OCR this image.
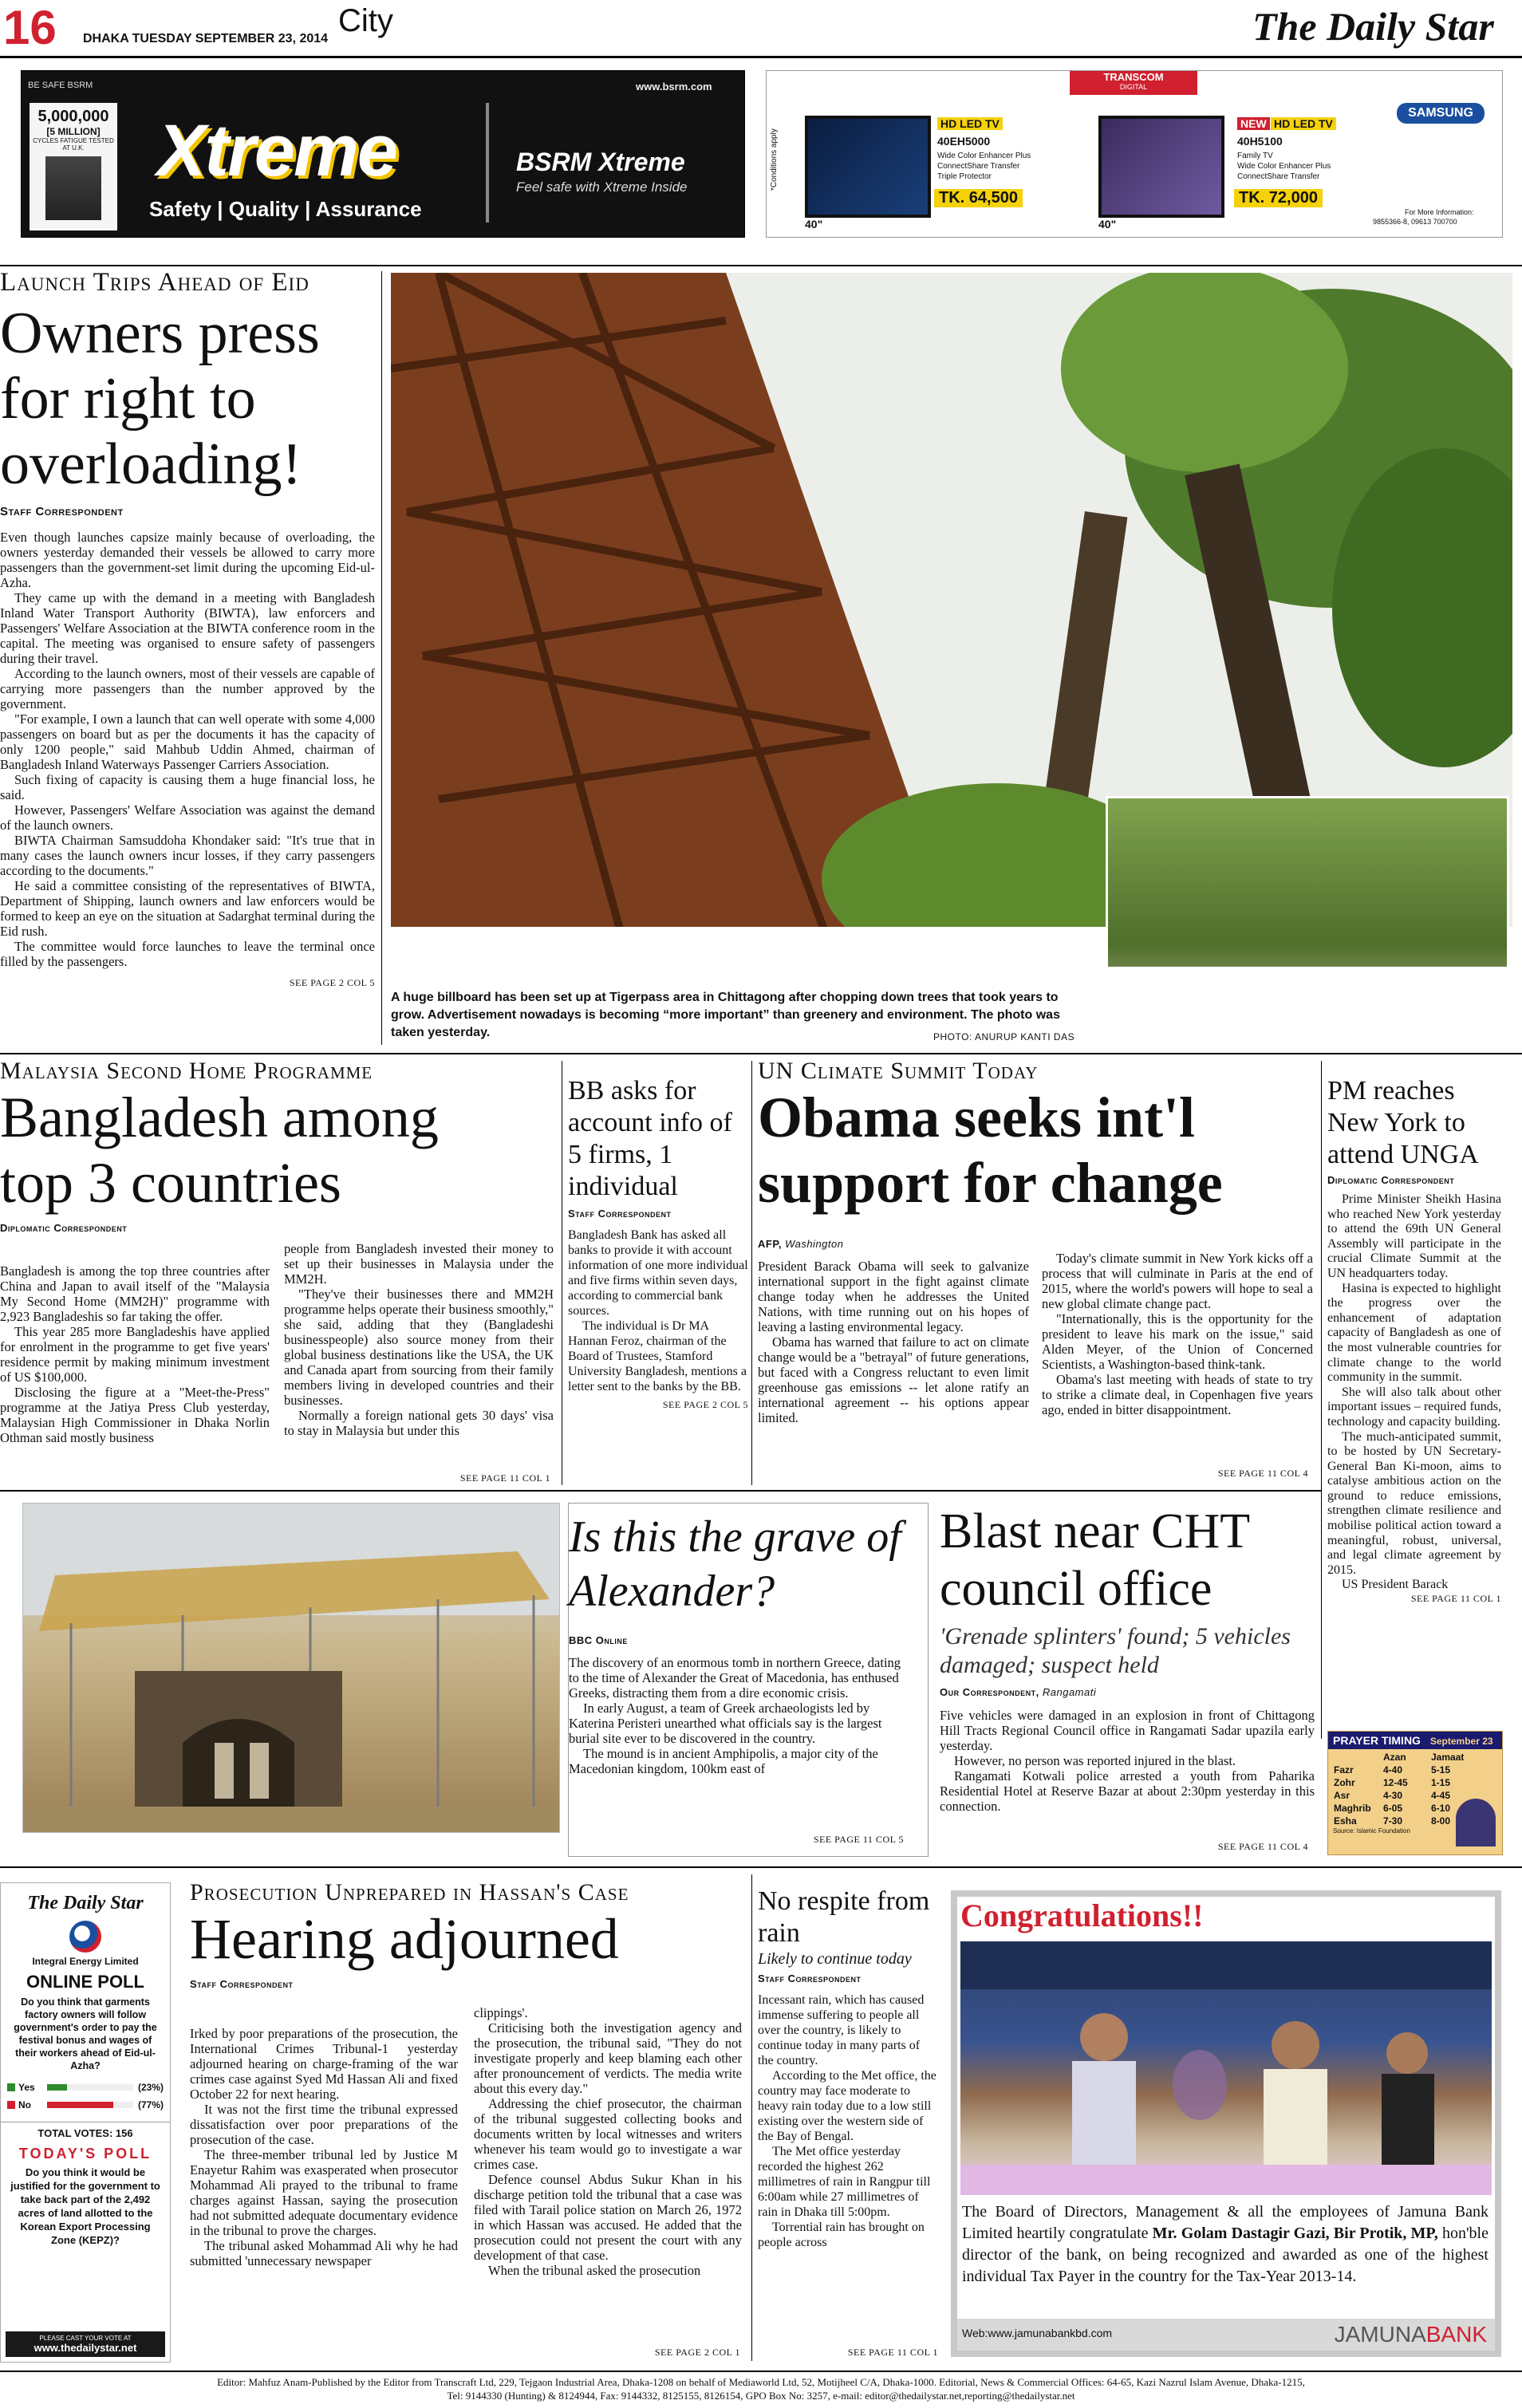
16 DHAKA TUESDAY SEPTEMBER 23, 2014
City	The Daily Star
BE SAFE BSRM	www.bsrm.com
5,000,000
[5 MILLION]
CYCLES FATIGUE TESTED AT U.K. Xtreme
Safety | Quality | Assurance
BSRM Xtreme
Feel safe with Xtreme Inside
TRANSCOM
DIGITAL
SAMSUNG
*Conditions apply
40"
HD LED TV
40EH5000
Wide Color Enhancer Plus
ConnectShare Transfer
Triple Protector
TK. 64,500
40"
NEW HD LED TV
40H5100
Family TV
Wide Color Enhancer Plus
ConnectShare Transfer
TK. 72,000
For More Information:
9855366-8, 09613 700700
Launch Trips Ahead of Eid
Owners press for right to overloading!
Staff Correspondent

Even though launches capsize mainly because of overloading, the owners yesterday demanded their vessels be allowed to carry more passengers than the government-set limit during the upcoming Eid-ul-Azha.

They came up with the demand in a meeting with Bangladesh Inland Water Transport Authority (BIWTA), law enforcers and Passengers' Welfare Association at the BIWTA conference room in the capital. The meeting was organised to ensure safety of passengers during their travel.

According to the launch owners, most of their vessels are capable of carrying more passengers than the number approved by the government.

"For example, I own a launch that can well operate with some 4,000 passengers on board but as per the documents it has the capacity of only 1200 people," said Mahbub Uddin Ahmed, chairman of Bangladesh Inland Waterways Passenger Carriers Association.

Such fixing of capacity is causing them a huge financial loss, he said.

However, Passengers' Welfare Association was against the demand of the launch owners.

BIWTA Chairman Samsuddoha Khondaker said: "It's true that in many cases the launch owners incur losses, if they carry passengers according to the documents."

He said a committee consisting of the representatives of BIWTA, Department of Shipping, launch owners and law enforcers would be formed to keep an eye on the situation at Sadarghat terminal during the Eid rush.

The committee would force launches to leave the terminal once filled by the passengers.

SEE PAGE 2 COL 5
A huge billboard has been set up at Tigerpass area in Chittagong after chopping down trees that took years to grow. Advertisement nowadays is becoming “more important” than greenery and environment. The photo was taken yesterday.	PHOTO: ANURUP KANTI DAS
Malaysia Second Home Programme
Bangladesh among top 3 countries
Diplomatic Correspondent

Bangladesh is among the top three countries after China and Japan to avail itself of the "Malaysia My Second Home (MM2H)" programme with 2,923 Bangladeshis so far taking the offer.

This year 285 more Bangladeshis have applied for enrolment in the programme to get five years' residence permit by making minimum investment of US $100,000.

Disclosing the figure at a "Meet-the-Press" programme at the Jatiya Press Club yesterday, Malaysian High Commissioner in Dhaka Norlin Othman said mostly business

people from Bangladesh invested their money to set up their businesses in Malaysia under the MM2H.

"They've their businesses there and MM2H programme helps operate their business smoothly," she said, adding that they (Bangladeshi businesspeople) also source money from their global business destinations like the USA, the UK and Canada apart from sourcing from their family members living in developed countries and their businesses.

Normally a foreign national gets 30 days' visa to stay in Malaysia but under this

SEE PAGE 11 COL 1
BB asks for account info of 5 firms, 1 individual
Staff Correspondent

Bangladesh Bank has asked all banks to provide it with account information of one more individual and five firms within seven days, according to commercial bank sources.

The individual is Dr MA Hannan Feroz, chairman of the Board of Trustees, Stamford University Bangladesh, mentions a letter sent to the banks by the BB.

SEE PAGE 2 COL 5
UN Climate Summit Today
Obama seeks int'l support for change
AFP, Washington

President Barack Obama will seek to galvanize international support in the fight against climate change today when he addresses the United Nations, with time running out on his hopes of leaving a lasting environmental legacy.

Obama has warned that failure to act on climate change would be a "betrayal" of future generations, but faced with a Congress reluctant to even limit greenhouse gas emissions -- let alone ratify an international agreement -- his options appear limited.

Today's climate summit in New York kicks off a process that will culminate in Paris at the end of 2015, where the world's powers will hope to seal a new global climate change pact.

"Internationally, this is the opportunity for the president to leave his mark on the issue," said Alden Meyer, of the Union of Concerned Scientists, a Washington-based think-tank.

Obama's last meeting with heads of state to try to strike a climate deal, in Copenhagen five years ago, ended in bitter disappointment.

SEE PAGE 11 COL 4
PM reaches New York to attend UNGA
Diplomatic Correspondent

Prime Minister Sheikh Hasina who reached New York yesterday to attend the 69th UN General Assembly will participate in the crucial Climate Summit at the UN headquarters today.

Hasina is expected to highlight the progress over the enhancement of adaptation capacity of Bangladesh as one of the most vulnerable countries for climate change to the world community in the summit.

She will also talk about other important issues – required funds, technology and capacity building.

The much-anticipated summit, to be hosted by UN Secretary-General Ban Ki-moon, aims to catalyse ambitious action on the ground to reduce emissions, strengthen climate resilience and mobilise political action toward a meaningful, robust, universal, and legal climate agreement by 2015.

US President Barack

SEE PAGE 11 COL 1
Is this the grave of Alexander?
BBC Online

The discovery of an enormous tomb in northern Greece, dating to the time of Alexander the Great of Macedonia, has enthused Greeks, distracting them from a dire economic crisis.

In early August, a team of Greek archaeologists led by Katerina Peristeri unearthed what officials say is the largest burial site ever to be discovered in the country.

The mound is in ancient Amphipolis, a major city of the Macedonian kingdom, 100km east of

SEE PAGE 11 COL 5
Blast near CHT council office
'Grenade splinters' found; 5 vehicles damaged; suspect held
Our Correspondent, Rangamati

Five vehicles were damaged in an explosion in front of Chittagong Hill Tracts Regional Council office in Rangamati Sadar upazila early yesterday.

However, no person was reported injured in the blast.

Rangamati Kotwali police arrested a youth from Paharika Residential Hotel at Reserve Bazar at about 2:30pm yesterday in this connection.

SEE PAGE 11 COL 4
PRAYER TIMING September 23
	Azan	Jamaat
Fazr	4-40	5-15
Zohr	12-45	1-15
Asr	4-30	4-45
Maghrib	6-05	6-10
Esha	7-30	8-00
Source: Islamic Foundation
The Daily Star
Integral Energy Limited
ONLINE POLL
Do you think that garments factory owners will follow government's order to pay the festival bonus and wages of their workers ahead of Eid-ul-Azha?
Yes	(23%)
No	(77%)
TOTAL VOTES: 156
TODAY'S POLL
Do you think it would be justified for the government to take back part of the 2,492 acres of land allotted to the Korean Export Processing Zone (KEPZ)?
PLEASE CAST YOUR VOTE AT
www.thedailystar.net
Prosecution Unprepared in Hassan's Case
Hearing adjourned
Staff Correspondent

Irked by poor preparations of the prosecution, the International Crimes Tribunal-1 yesterday adjourned hearing on charge-framing of the war crimes case against Syed Md Hassan Ali and fixed October 22 for next hearing.

It was not the first time the tribunal expressed dissatisfaction over poor preparations of the prosecution of the case.

The three-member tribunal led by Justice M Enayetur Rahim was exasperated when prosecutor Mohammad Ali prayed to the tribunal to frame charges against Hassan, saying the prosecution had not submitted adequate documentary evidence in the tribunal to prove the charges.

The tribunal asked Mohammad Ali why he had submitted 'unnecessary newspaper

clippings'.

Criticising both the investigation agency and the prosecution, the tribunal said, "They do not investigate properly and keep blaming each other after pronouncement of verdicts. The media write about this every day."

Addressing the chief prosecutor, the chairman of the tribunal suggested collecting books and documents written by local witnesses and writers whenever his team would go to investigate a war crimes case.

Defence counsel Abdus Sukur Khan in his discharge petition told the tribunal that a case was filed with Tarail police station on March 26, 1972 in which Hassan was accused. He added that the prosecution could not present the court with any development of that case.

When the tribunal asked the prosecution

SEE PAGE 2 COL 1
No respite from rain
Likely to continue today
Staff Correspondent

Incessant rain, which has caused immense suffering to people all over the country, is likely to continue today in many parts of the country.

According to the Met office, the country may face moderate to heavy rain today due to a low still existing over the western side of the Bay of Bengal.

The Met office yesterday recorded the highest 262 millimetres of rain in Rangpur till 6:00am while 27 millimetres of rain in Dhaka till 5:00pm.

Torrential rain has brought on people across

SEE PAGE 11 COL 1
Congratulations!!
The Board of Directors, Management & all the employees of Jamuna Bank Limited heartily congratulate Mr. Golam Dastagir Gazi, Bir Protik, MP, hon'ble director of the bank, on being recognized and awarded as one of the highest individual Tax Payer in the country for the Tax-Year 2013-14.
Web:www.jamunabankbd.com	JAMUNABANK
Editor: Mahfuz Anam-Published by the Editor from Transcraft Ltd, 229, Tejgaon Industrial Area, Dhaka-1208 on behalf of Mediaworld Ltd, 52, Motijheel C/A, Dhaka-1000. Editorial, News & Commercial Offices: 64-65, Kazi Nazrul Islam Avenue, Dhaka-1215,
Tel: 9144330 (Hunting) & 8124944, Fax: 9144332, 8125155, 8126154, GPO Box No: 3257, e-mail: editor@thedailystar.net,reporting@thedailystar.net
